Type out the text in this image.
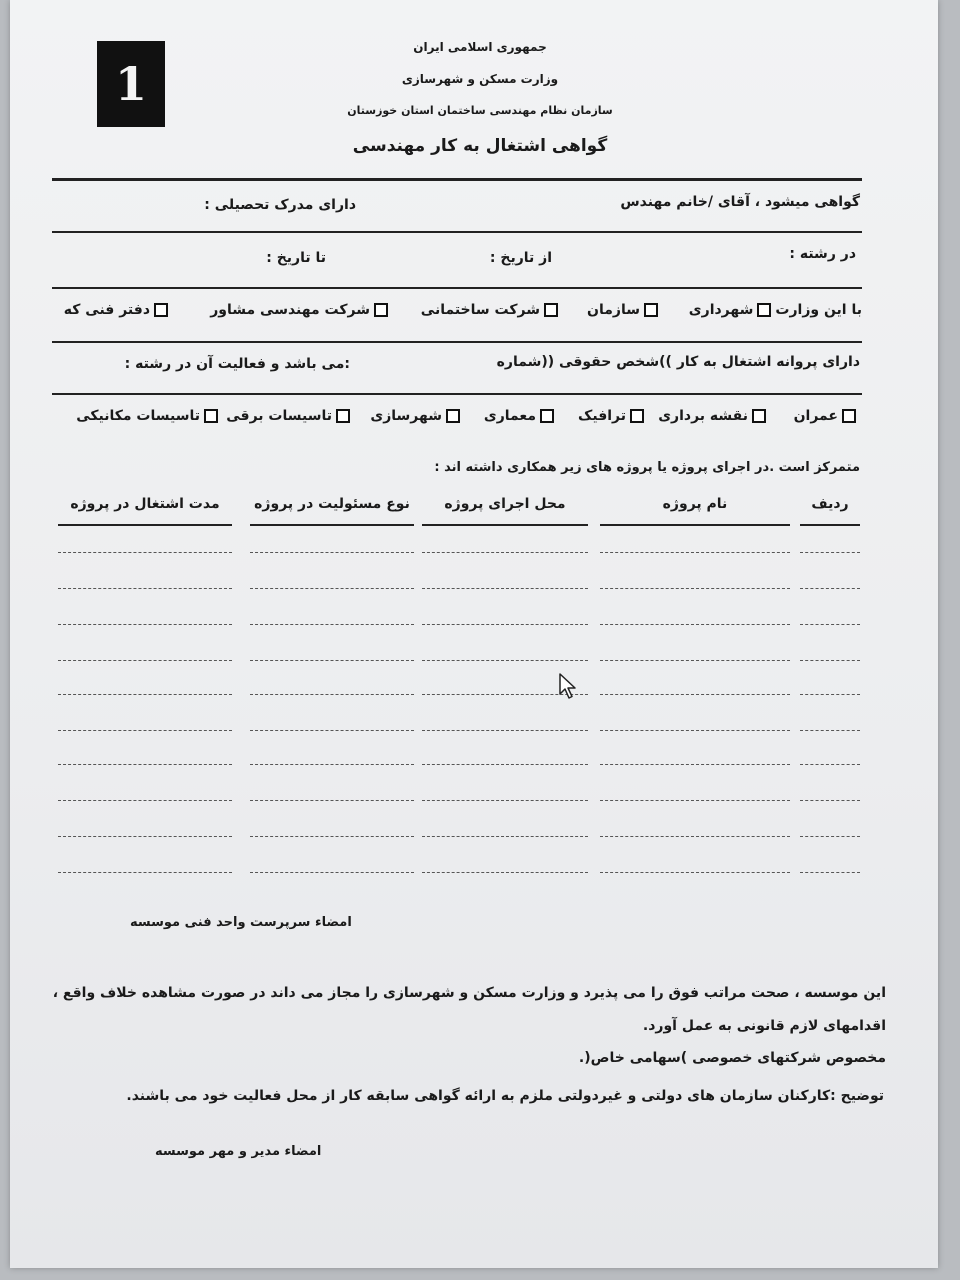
1
جمهوری اسلامی ایران
وزارت مسکن و شهرسازی
سازمان نظام مهندسی ساختمان استان خوزستان
گواهی اشتغال به کار مهندسی
گواهی میشود ، آقای /خانم مهندس
دارای مدرک تحصیلی :
در رشته :
از تاریخ :
تا تاریخ :
با این وزارت
شهرداری
سازمان
شرکت ساختمانی
شرکت مهندسی مشاور
دفتر فنی که
دارای پروانه اشتغال به کار ))شخص حقوقی ((شماره
:می باشد و فعالیت آن در رشته :
عمران
نقشه برداری
ترافیک
معماری
شهرسازی
تاسیسات برقی
تاسیسات مکانیکی
متمرکز است .در اجرای پروژه یا پروژه های زیر همکاری داشته اند :
ردیف
نام پروژه
محل اجرای پروژه
نوع مسئولیت در پروژه
مدت اشتغال در پروژه
امضاء سرپرست واحد فنی موسسه
این موسسه ، صحت مراتب فوق را می پذیرد و وزارت مسکن و شهرسازی را مجاز می داند در صورت مشاهده خلاف واقع ،
اقدامهای لازم قانونی به عمل آورد.
مخصوص شرکتهای خصوصی )سهامی خاص(.
توضیح :کارکنان سازمان های دولتی و غیردولتی ملزم به ارائه گواهی سابقه کار از محل فعالیت خود می باشند.
امضاء مدیر و مهر موسسه
